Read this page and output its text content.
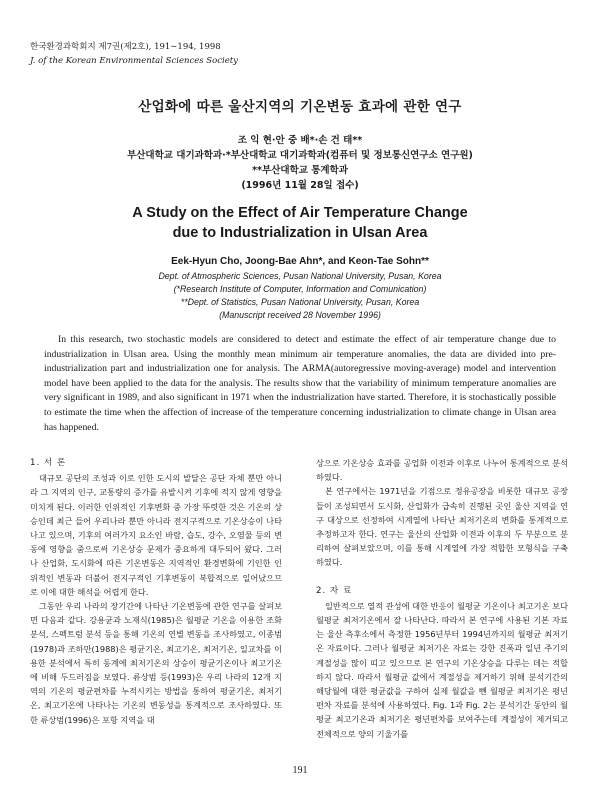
한국환경과학회지 제7권(제2호), 191∼194, 1998
J. of the Korean Environmental Sciences Society
산업화에 따른 울산지역의 기온변동 효과에 관한 연구
조 익 현·안 중 배*·손 건 태**
부산대학교 대기과학과·*부산대학교 대기과학과(컴퓨터 및 정보통신연구소 연구원)
**부산대학교 통계학과
(1996년 11월 28일 접수)
A Study on the Effect of Air Temperature Change
due to Industrialization in Ulsan Area
Eek-Hyun Cho, Joong-Bae Ahn*, and Keon-Tae Sohn**
Dept. of Atmospheric Sciences, Pusan National University, Pusan, Korea
(*Research Institute of Computer, Information and Comunication)
**Dept. of Statistics, Pusan National University, Pusan, Korea
(Manuscript received 28 November 1996)
In this research, two stochastic models are considered to detect and estimate the effect of air temperature change due to industrialization in Ulsan area. Using the monthly mean minimum air temperature anomalies, the data are divided into pre-industrialization part and industrialization one for analysis. The ARMA(autoregressive moving-average) model and intervention model have been applied to the data for the analysis. The results show that the variability of minimum temperature anomalies are very significant in 1989, and also significant in 1971 when the industrialization have started. Therefore, it is stochastically possible to estimate the time when the affection of increase of the temperature concerning industrialization to climate change in Ulsan area has happened.
1. 서 론

대규모 공단의 조성과 이로 인한 도시의 발달은 공단 자체 뿐만 아니라 그 지역의 인구, 교통량의 증가를 유발시켜 기후에 적지 않게 영향을 미치게 된다. 이러한 인위적인 기후변화 중 가장 뚜렷한 것은 기온의 상승인데 최근 들어 우리나라 뿐만 아니라 전지구적으로 기온상승이 나타나고 있으며, 기후의 여러가지 요소인 바람, 습도, 강수, 오염물 등의 변동에 영향을 줌으로써 기온상승 문제가 중요하게 대두되어 왔다. 그러나 산업화, 도시화에 따른 기온변동은 지역적인 환경변화에 기인한 인위적인 변동과 더불어 전지구적인 기후변동이 복합적으로 일어났으므로 이에 대한 해석을 어렵게 한다.

그동안 우리 나라의 장기간에 나타난 기온변동에 관한 연구를 살펴보면 다음과 같다. 강용균과 노재식(1985)은 월평균 기온을 이용한 조화분석, 스펙트럼 분석 등을 통해 기온의 연별 변동을 조사하였고, 이종범(1978)과 조하만(1988)은 평균기온, 최고기온, 최저기온, 일교차를 이용한 분석에서 특히 동계에 최저기온의 상승이 평균기온이나 최고기온에 비해 두드러짐을 보였다. 류상범 등(1993)은 우리 나라의 12개 지역의 기온의 평균편차를 누적시키는 방법을 통하여 평균기온, 최저기온, 최고기온에 나타나는 기온의 변동성을 통계적으로 조사하였다. 또한 류상범(1996)은 포항 지역을 대

상으로 기온상승 효과를 공업화 이전과 이후로 나누어 통계적으로 분석하였다.

본 연구에서는 1971년을 기점으로 정유공장을 비롯한 대규모 공장들이 조성되면서 도시화, 산업화가 급속히 진행된 곳인 울산 지역을 연구 대상으로 선정하여 시계열에 나타난 최저기온의 변화를 통계적으로 추정하고자 한다. 연구는 울산의 산업화 이전과 이후의 두 부분으로 분리하여 살펴보았으며, 이를 통해 시계열에 가장 적합한 모형식을 구축하였다.

2. 자 료

일반적으로 열적 관성에 대한 반응이 월평균 기온이나 최고기온 보다 월평균 최저기온에서 잘 나타난다. 따라서 본 연구에 사용된 기본 자료는 울산 측후소에서 측정한 1956년부터 1994년까지의 월평균 최저기온 자료이다. 그러나 월평균 최저기온 자료는 강한 진폭과 일년 주기의 계절성을 많이 띠고 있으므로 본 연구의 기온상승을 다루는 데는 적합하지 않다. 따라서 월평균 값에서 계절성을 제거하기 위해 분석기간의 해당월에 대한 평균값을 구하여 실제 월값을 뺀 월평균 최저기온 평년편차 자료를 분석에 사용하였다. Fig. 1과 Fig. 2는 분석기간 동안의 월평균 최고기온과 최저기온 평년편차를 보여주는데 계절성이 제거되고 전체적으로 양의 기울기를

191
